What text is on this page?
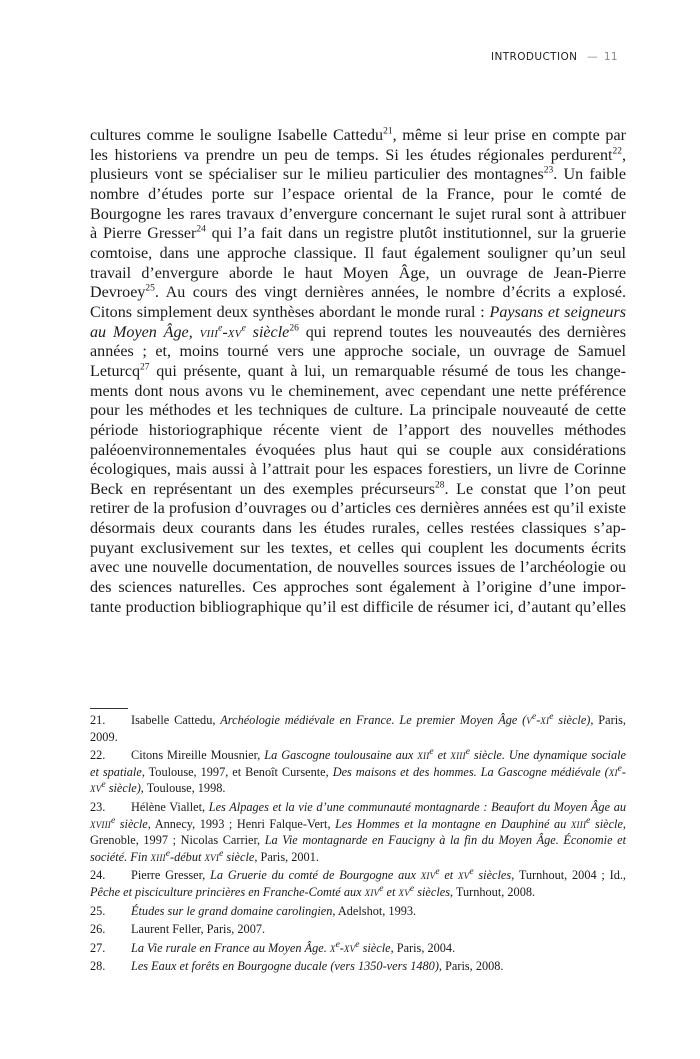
INTRODUCTION — 11
cultures comme le souligne Isabelle Cattedu$^{21}$, même si leur prise en compte par
les historiens va prendre un peu de temps. Si les études régionales perdurent$^{22}$,
plusieurs vont se spécialiser sur le milieu particulier des montagnes$^{23}$. Un faible
nombre d’études porte sur l’espace oriental de la France, pour le comté de
Bourgogne les rares travaux d’envergure concernant le sujet rural sont à attribuer
à Pierre Gresser$^{24}$ qui l’a fait dans un registre plutôt institutionnel, sur la gruerie
comtoise, dans une approche classique. Il faut également souligner qu’un seul
travail d’envergure aborde le haut Moyen Âge, un ouvrage de Jean-Pierre
Devroey$^{25}$. Au cours des vingt dernières années, le nombre d’écrits a explosé.
Citons simplement deux synthèses abordant le monde rural : Paysans et seigneurs
au Moyen Âge, $viii^e-xv^e$ siècle$^{26}$ qui reprend toutes les nouveautés des dernières
années ; et, moins tourné vers une approche sociale, un ouvrage de Samuel
Leturcq$^{27}$ qui présente, quant à lui, un remarquable résumé de tous les change-
ments dont nous avons vu le cheminement, avec cependant une nette préférence
pour les méthodes et les techniques de culture. La principale nouveauté de cette
période historiographique récente vient de l’apport des nouvelles méthodes
paléoenvironnementales évoquées plus haut qui se couple aux considérations
écologiques, mais aussi à l’attrait pour les espaces forestiers, un livre de Corinne
Beck en représentant un des exemples précurseurs$^{28}$. Le constat que l’on peut
retirer de la profusion d’ouvrages ou d’articles ces dernières années est qu’il existe
désormais deux courants dans les études rurales, celles restées classiques s’ap-
puyant exclusivement sur les textes, et celles qui couplent les documents écrits
avec une nouvelle documentation, de nouvelles sources issues de l’archéologie ou
des sciences naturelles. Ces approches sont également à l’origine d’une impor-
tante production bibliographique qu’il est difficile de résumer ici, d’autant qu’elles
21. Isabelle Cattedu, Archéologie médiévale en France. Le premier Moyen Âge ($v^e-xi^e$ siècle), Paris, 2009.
22. Citons Mireille Mousnier, La Gascogne toulousaine aux xii$^e$ et xiii$^e$ siècle. Une dynamique sociale et spatiale, Toulouse, 1997, et Benoît Cursente, Des maisons et des hommes. La Gascogne médiévale ($xi^e-xv^e$ siècle), Toulouse, 1998.
23. Hélène Viallet, Les Alpages et la vie d’une communauté montagnarde : Beaufort du Moyen Âge au xviii$^e$ siècle, Annecy, 1993 ; Henri Falque-Vert, Les Hommes et la montagne en Dauphiné au xiii$^e$ siècle, Grenoble, 1997 ; Nicolas Carrier, La Vie montagnarde en Faucigny à la fin du Moyen Âge. Économie et société. Fin xiii$^e$-début xvi$^e$ siècle, Paris, 2001.
24. Pierre Gresser, La Gruerie du comté de Bourgogne aux xiv$^e$ et $xv^e$ siècles, Turnhout, 2004 ; Id., Pêche et pisciculture princières en Franche-Comté aux xiv$^e$ et $xv^e$ siècles, Turnhout, 2008.
25. Études sur le grand domaine carolingien, Adelshot, 1993.
26. Laurent Feller, Paris, 2007.
27. La Vie rurale en France au Moyen Âge. $x^e-xv^e$ siècle, Paris, 2004.
28. Les Eaux et forêts en Bourgogne ducale (vers 1350-vers 1480), Paris, 2008.
